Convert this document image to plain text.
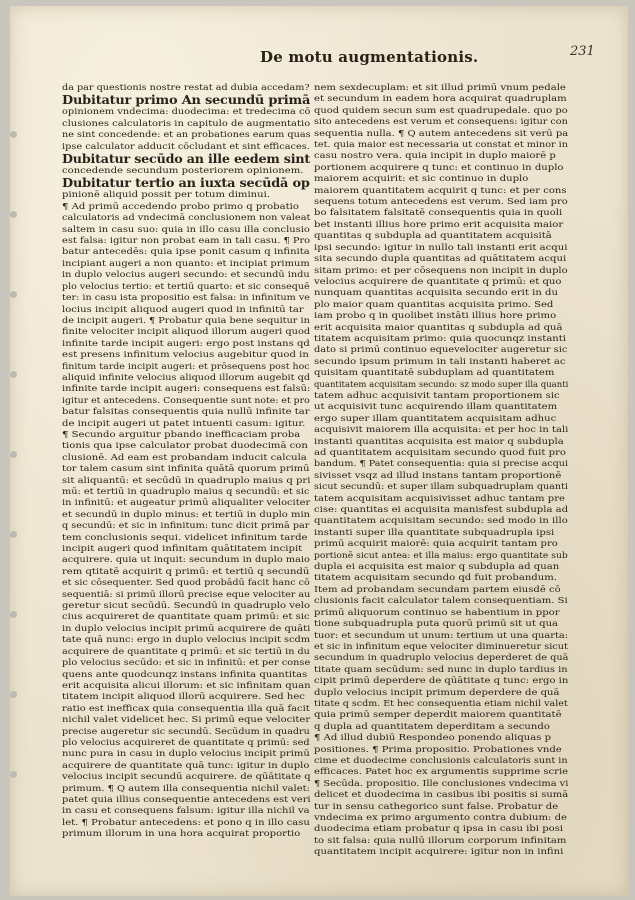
De motu augmentationis.	231
da par questionis nostre restat ad dubia accedam?
Dubitatur primo An secundū primā
opinionem vndecima: duodecima: et tredecima cō
clusiones calculatoris in capitulo de augmentatio
ne sint concedende: et an probationes earum quas
ipse calculator adducit cōcludant et sint efficaces.
Dubitatur secūdo an ille eedem sint
concedende secundum posteriorem opinionem.
Dubitatur tertio an iuxta secūdā op
pinionē aliquid possit per totum diminui.
¶ Ad primū accedendo probo primo q probatio
calculatoris ad vndecimā conclusionem non valeat
saltem in casu suo: quia in illo casu illa conclusio
est falsa: igitur non probat eam in tali casu. ¶ Pro
batur antecedēs: quia ipse ponit casum q infinita
incipiant augeri a non quanto: et incipiat primum
in duplo velocius augeri secundo: et secundū indu
plo velocius tertio: et tertiū quarto: et sic consequē
ter: in casu ista propositio est falsa: in infinitum ve
locius incipit aliquod augeri quod in infinitū tar
de incipit augeri. ¶ Probatur quia bene sequitur in
finite velociter incipit aliquod illorum augeri quod
infinite tarde incipit augeri: ergo post instans qd
est presens infinitum velocius augebitur quod in
finitum tarde incipit augeri: et prōsequens post hoc
aliquid infinite velocius aliquod illorum augebit qd
infinite tarde incipit augeri: consequens est falsū:
igitur et antecedens. Consequentie sunt note: et pro
batur falsitas consequentis quia nullū infinite tar
de incipit augeri ut patet intuenti casum: igitur.
¶ Secundo arguitur pbando inefficaciam proba
tionis qua ipse calculator probat duodecimā con
clusionē. Ad eam est probandam inducit calcula
tor talem casum sint infinita quātā quorum primū
sit aliquantū: et secūdū in quadruplo maius q pri
mū: et tertiū in quadruplo maius q secundū: et sic
in infinitū: et augeatur primū aliqualiter velociter
et secundū in duplo minus: et tertiū in duplo min
q secundū: et sic in infinitum: tunc dicit primā par
tem conclusionis sequi. videlicet infinitum tarde
incipit augeri quod infinitam quātitatem incipit
acquirere. quia ut inquit: secundum in duplo maio
rem qtitatē acquirit q primū: et tertiū q secundū
et sic cōsequenter. Sed quod probādū facit hanc cō
sequentiā: si primū illorū precise eque velociter au
geretur sicut secūdū. Secundū in quadruplo velo
cius acquireret de quantitate quam primū: et sic
in duplo velocius incipit primū acquirere de quāti
tate quā nunc: ergo in duplo velocius incipit scdm
acquirere de quantitate q primū: et sic tertiū in du
plo velocius secūdo: et sic in infinitū: et per conse
quens ante quodcunqz instans infinita quantitas
erit acquisita alicui illorum: et sic infinitam quan
titatem incipit aliquod illorū acquirere. Sed hec
ratio est inefficax quia consequentia illa quā facit
nichil valet videlicet hec. Si primū eque velociter
precise augeretur sic secundū. Secūdum in quadru
plo velocius acquireret de quantitate q primū: sed
nunc pura in casu in duplo velocius incipit primū
acquirere de quantitate quā tunc: igitur in duplo
velocius incipit secundū acquirere. de qūātitate q
primum. ¶ Q autem illa consequentia nichil valet:
patet quia illius consequentie antecedens est veri
in casu et consequens falsum: igitur illa nichil va
let. ¶ Probatur antecedens: et pono q in illo casu
primum illorum in una hora acquirat proportio
nem sexdecuplam: et sit illud primū vnum pedale
et secundum in eadem hora acquirat quadruplam
quod quidem secun sum est quadrupedale. quo po
sito antecedens est verum et consequens: igitur con
sequentia nulla. ¶ Q autem antecedens sit verū pa
tet. quia maior est necessaria ut constat et minor in
casu nostro vera. quia incipit in duplo maiorē p
portionem acquirere q tunc: et continuo in duplo
maiorem acquirit: et sic continuo in duplo
maiorem quantitatem acquirit q tunc: et per cons
sequens totum antecedens est verum. Sed iam pro
bo falsitatem falsitatē consequentis quia in quoli
bet instanti illius hore primo erit acquisita maior
quantitas q subdupla ad quantitatem acquisitā
ipsi secundo: igitur in nullo tali instanti erit acqui
sita secundo dupla quantitas ad quātitatem acqui
sitam primo: et per cōsequens non incipit in duplo
velocius acquirere de quantitate q primū: et quo
nunquam quantitas acquisita secundo erit in du
plo maior quam quantitas acquisita primo. Sed
iam probo q in quolibet instāti illius hore primo
erit acquisita maior quantitas q subdupla ad quā
titatem acquisitam primo: quia quocunqz instanti
dato si primū continuo equevelociter augeretur sic
secundo ipsum primum in tali instanti haberet ac
quisitam quantitatē subduplam ad quantitatem
quantitatem acquisitam secundo: sz modo super illa quanti
tatem adhuc acquisivit tantam proportionem sic
ut acquisivit tunc acquirendo illam quantitatem
ergo super illam quantitatem acquisitam adhuc
acquisivit maiorem illa acquisita: et per hoc in tali
instanti quantitas acquisita est maior q subdupla
ad quantitatem acquisitam secundo quod fuit pro
bandum. ¶ Patet consequentia: quia si precise acqui
sivisset vsqz ad illud instans tantam proportionē
sicut secundū: et super illam subquadruplam quanti
tatem acquisitam acquisivisset adhuc tantam pre
cise: quantitas ei acquisita manisfest subdupla ad
quantitatem acquisitam secundo: sed modo in illo
instanti super illa quantitate subquadrupla ipsi
primū acquirit maiorē: quia acquirit tantam pro
portionē sicut antea: et illa maius: ergo quantitate sub
dupla ei acquisita est maior q subdupla ad quan
titatem acquisitam secundo qd fuit probandum.
Item ad probandam secundam partem eiusdē cō
clusionis facit calculator talem consequentiam. Si
primū aliquorum continuo se habentium in ppor
tione subquadrupla puta quorū primū sit ut qua
tuor: et secundum ut unum: tertium ut una quarta:
et sic in infinitum eque velociter diminueretur sicut
secundum in quadruplo velocius deperderet de quā
titate quam secūdum: sed nunc in duplo tardius in
cipit primū deperdere de qūātitate q tunc: ergo in
duplo velocius incipit primum deperdere de quā
titate q scdm. Et hec consequentia etiam nichil valet
quia primū semper deperdit maiorem quantitatē
q dupla ad quantitatem deperditam a secundo
¶ Ad illud dubiū Respondeo ponendo aliquas p
positiones. ¶ Prima propositio. Probationes vnde
cime et duodecime conclusionis calculatoris sunt in
efficaces. Patet hoc ex argumentis supprime scrie
¶ Secūda. propositio. Ille conclusiones vndecima vi
delicet et duodecima in casibus ibi positis si sumā
tur in sensu cathegorico sunt false. Probatur de
vndecima ex primo argumento contra dubium: de
duodecima etiam probatur q ipsa in casu ibi posi
to sit falsa: quia nullū illorum corporum infinitam
quantitatem incipit acquirere: igitur non in infini
